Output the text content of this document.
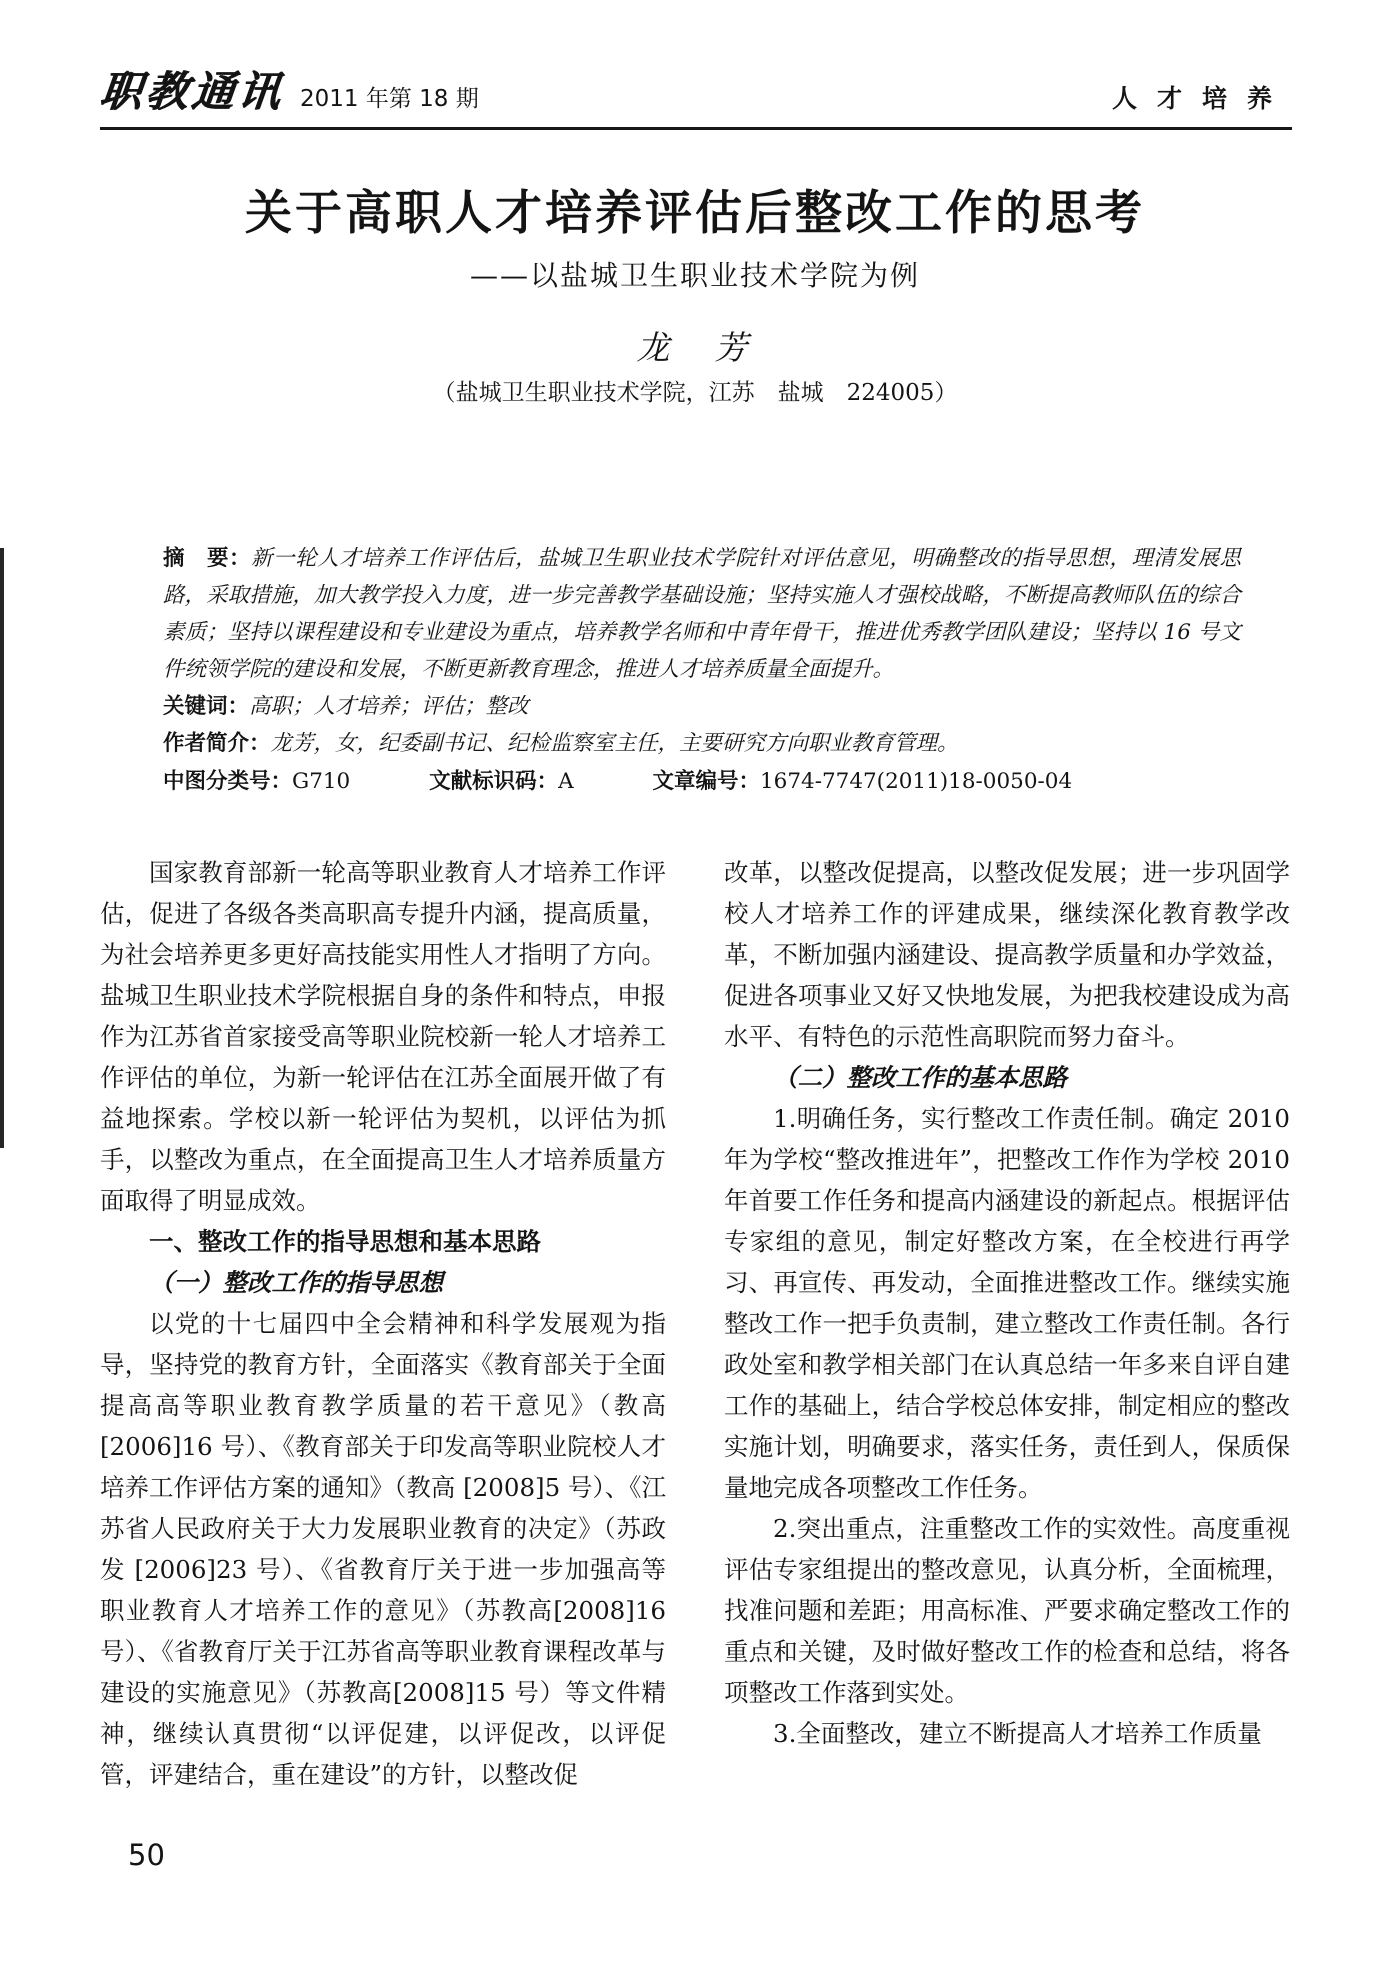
职教通讯 2011 年第 18 期	人才培养
关于高职人才培养评估后整改工作的思考
——以盐城卫生职业技术学院为例
龙　芳
（盐城卫生职业技术学院，江苏　盐城　224005）

摘　要：新一轮人才培养工作评估后，盐城卫生职业技术学院针对评估意见，明确整改的指导思想，理清发展思路，采取措施，加大教学投入力度，进一步完善教学基础设施；坚持实施人才强校战略，不断提高教师队伍的综合素质；坚持以课程建设和专业建设为重点，培养教学名师和中青年骨干，推进优秀教学团队建设；坚持以 16 号文件统领学院的建设和发展，不断更新教育理念，推进人才培养质量全面提升。

关键词：高职；人才培养；评估；整改

作者简介：龙芳，女，纪委副书记、纪检监察室主任，主要研究方向职业教育管理。

中图分类号：G710	文献标识码：A	文章编号：1674-7747(2011)18-0050-04

国家教育部新一轮高等职业教育人才培养工作评估，促进了各级各类高职高专提升内涵，提高质量，为社会培养更多更好高技能实用性人才指明了方向。盐城卫生职业技术学院根据自身的条件和特点，申报作为江苏省首家接受高等职业院校新一轮人才培养工作评估的单位，为新一轮评估在江苏全面展开做了有益地探索。学校以新一轮评估为契机，以评估为抓手，以整改为重点，在全面提高卫生人才培养质量方面取得了明显成效。

一、整改工作的指导思想和基本思路
（一）整改工作的指导思想

以党的十七届四中全会精神和科学发展观为指导，坚持党的教育方针，全面落实《教育部关于全面提高高等职业教育教学质量的若干意见》（教高[2006]16 号）、《教育部关于印发高等职业院校人才培养工作评估方案的通知》（教高 [2008]5 号）、《江苏省人民政府关于大力发展职业教育的决定》（苏政发 [2006]23 号）、《省教育厅关于进一步加强高等职业教育人才培养工作的意见》（苏教高[2008]16 号）、《省教育厅关于江苏省高等职业教育课程改革与建设的实施意见》（苏教高[2008]15 号）等文件精神，继续认真贯彻“以评促建，以评促改，以评促管，评建结合，重在建设”的方针，以整改促

改革，以整改促提高，以整改促发展；进一步巩固学校人才培养工作的评建成果，继续深化教育教学改革，不断加强内涵建设、提高教学质量和办学效益，促进各项事业又好又快地发展，为把我校建设成为高水平、有特色的示范性高职院而努力奋斗。

（二）整改工作的基本思路

1.明确任务，实行整改工作责任制。确定 2010 年为学校“整改推进年”，把整改工作作为学校 2010 年首要工作任务和提高内涵建设的新起点。根据评估专家组的意见，制定好整改方案，在全校进行再学习、再宣传、再发动，全面推进整改工作。继续实施整改工作一把手负责制，建立整改工作责任制。各行政处室和教学相关部门在认真总结一年多来自评自建工作的基础上，结合学校总体安排，制定相应的整改实施计划，明确要求，落实任务，责任到人，保质保量地完成各项整改工作任务。

2.突出重点，注重整改工作的实效性。高度重视评估专家组提出的整改意见，认真分析，全面梳理，找准问题和差距；用高标准、严要求确定整改工作的重点和关键，及时做好整改工作的检查和总结，将各项整改工作落到实处。

3.全面整改，建立不断提高人才培养工作质量

50
